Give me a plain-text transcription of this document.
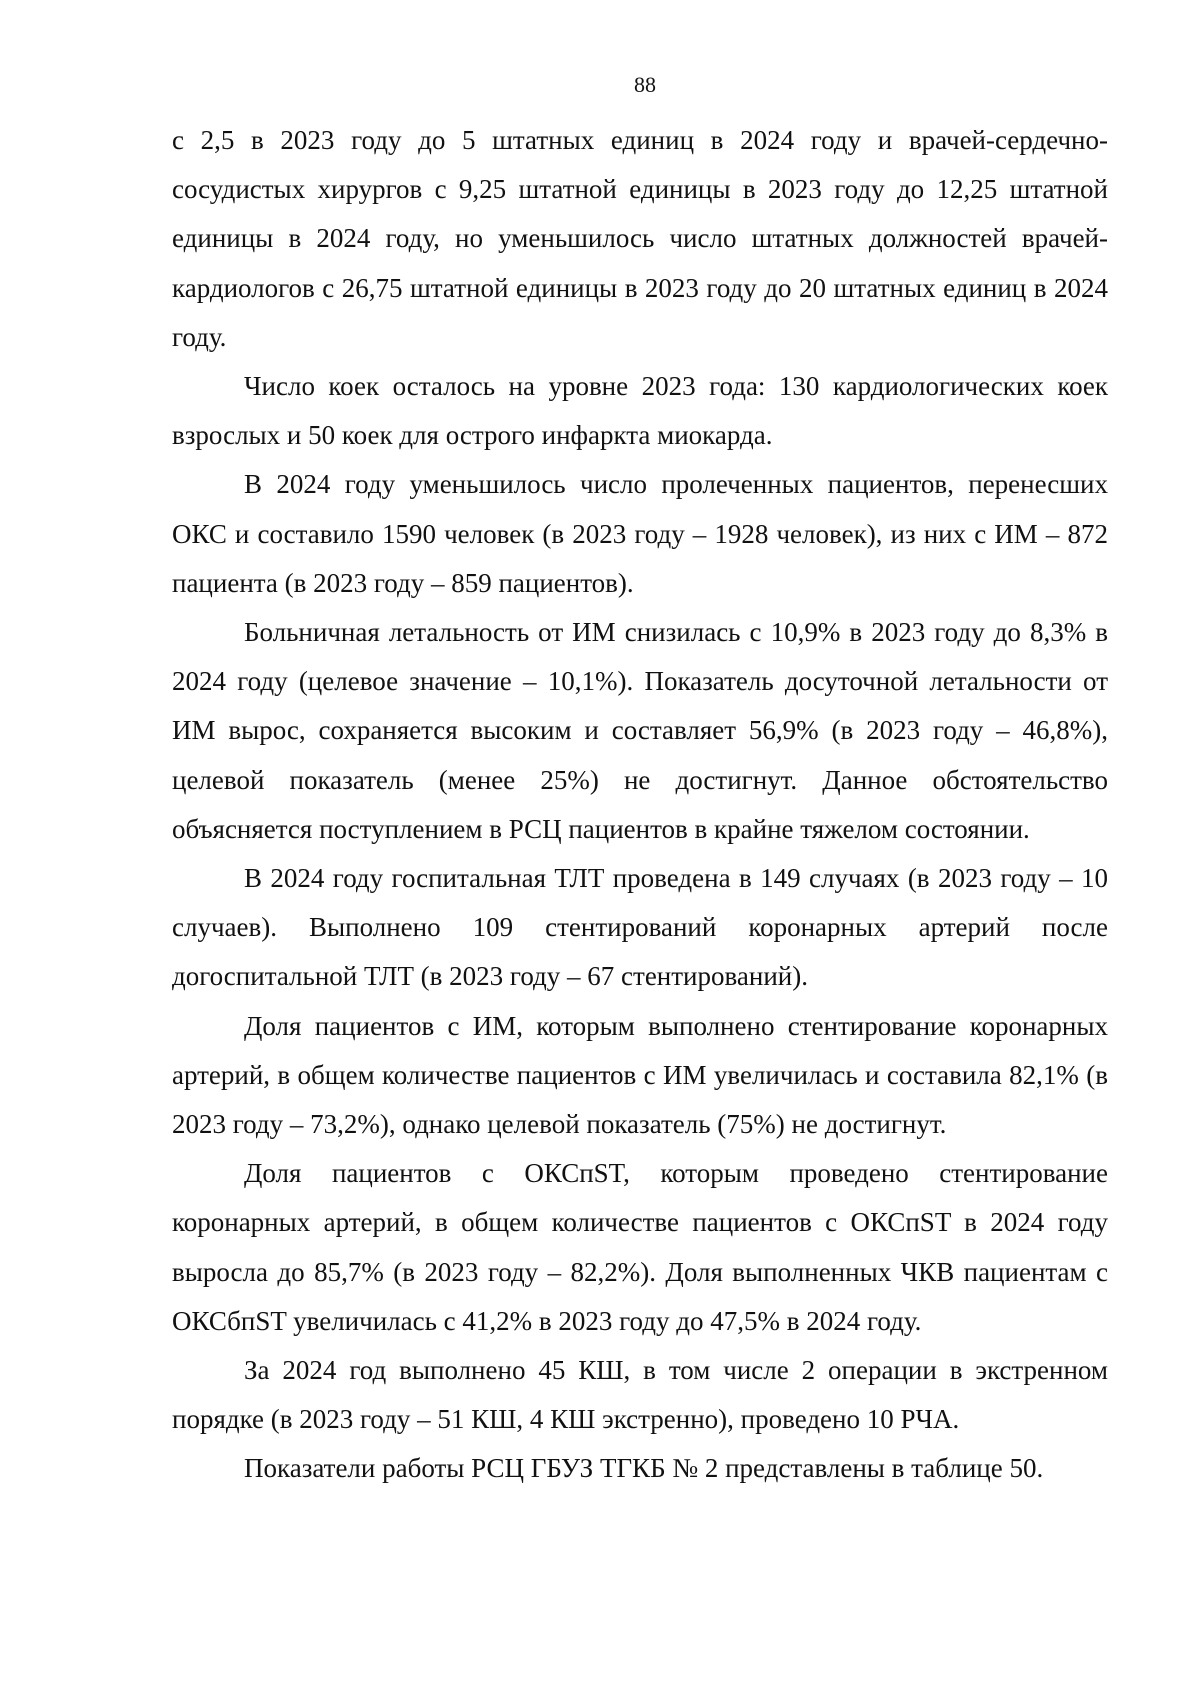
88

с 2,5 в 2023 году до 5 штатных единиц в 2024 году и врачей-сердечно-сосудистых хирургов с 9,25 штатной единицы в 2023 году до 12,25 штатной единицы в 2024 году, но уменьшилось число штатных должностей врачей-кардиологов с 26,75 штатной единицы в 2023 году до 20 штатных единиц в 2024 году.

Число коек осталось на уровне 2023 года: 130 кардиологических коек взрослых и 50 коек для острого инфаркта миокарда.

В 2024 году уменьшилось число пролеченных пациентов, перенесших ОКС и составило 1590 человек (в 2023 году – 1928 человек), из них с ИМ – 872 пациента (в 2023 году – 859 пациентов).

Больничная летальность от ИМ снизилась с 10,9% в 2023 году до 8,3% в 2024 году (целевое значение – 10,1%). Показатель досуточной летальности от ИМ вырос, сохраняется высоким и составляет 56,9% (в 2023 году – 46,8%), целевой показатель (менее 25%) не достигнут. Данное обстоятельство объясняется поступлением в РСЦ пациентов в крайне тяжелом состоянии.

В 2024 году госпитальная ТЛТ проведена в 149 случаях (в 2023 году – 10 случаев). Выполнено 109 стентирований коронарных артерий после догоспитальной ТЛТ (в 2023 году – 67 стентирований).

Доля пациентов с ИМ, которым выполнено стентирование коронарных артерий, в общем количестве пациентов с ИМ увеличилась и составила 82,1% (в 2023 году – 73,2%), однако целевой показатель (75%) не достигнут.

Доля пациентов с ОКСпST, которым проведено стентирование коронарных артерий, в общем количестве пациентов с ОКСпST в 2024 году выросла до 85,7% (в 2023 году – 82,2%). Доля выполненных ЧКВ пациентам с ОКСбпST увеличилась с 41,2% в 2023 году до 47,5% в 2024 году.

За 2024 год выполнено 45 КШ, в том числе 2 операции в экстренном порядке (в 2023 году – 51 КШ, 4 КШ экстренно), проведено 10 РЧА.

Показатели работы РСЦ ГБУЗ ТГКБ № 2 представлены в таблице 50.
